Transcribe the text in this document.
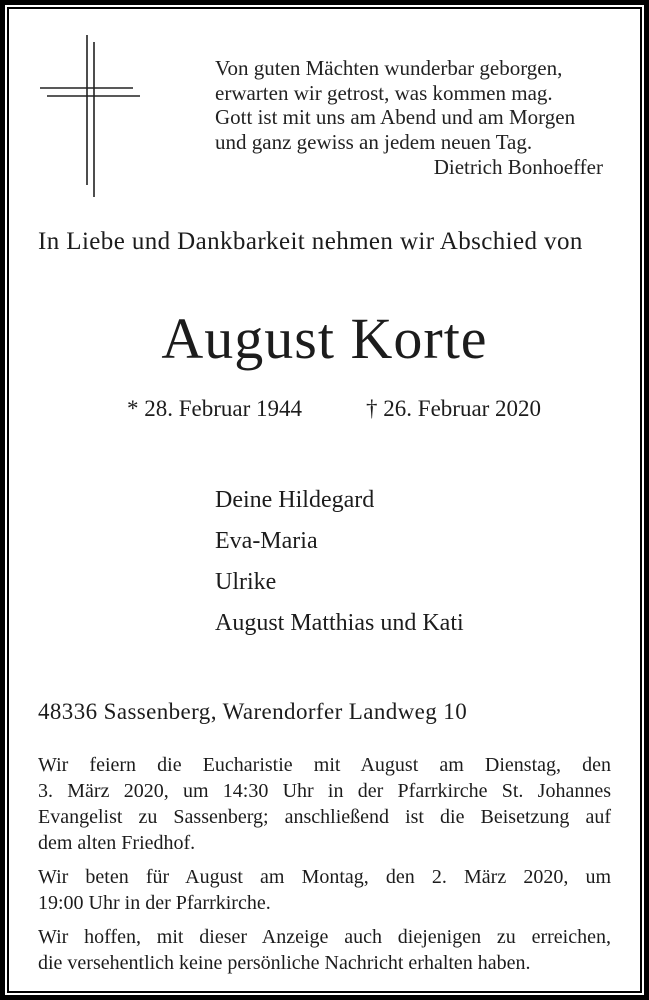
Von guten Mächten wunderbar geborgen,
erwarten wir getrost, was kommen mag.
Gott ist mit uns am Abend und am Morgen
und ganz gewiss an jedem neuen Tag.
Dietrich Bonhoeffer
In Liebe und Dankbarkeit nehmen wir Abschied von
August Korte
* 28. Februar 1944	† 26. Februar 2020
Deine Hildegard
Eva-Maria
Ulrike
August Matthias und Kati
48336 Sassenberg, Warendorfer Landweg 10
Wir feiern die Eucharistie mit August am Dienstag, den
3. März 2020, um 14:30 Uhr in der Pfarrkirche St. Johannes
Evangelist zu Sassenberg; anschließend ist die Beisetzung auf
dem alten Friedhof.
Wir beten für August am Montag, den 2. März 2020, um
19:00 Uhr in der Pfarrkirche.
Wir hoffen, mit dieser Anzeige auch diejenigen zu erreichen,
die versehentlich keine persönliche Nachricht erhalten haben.
